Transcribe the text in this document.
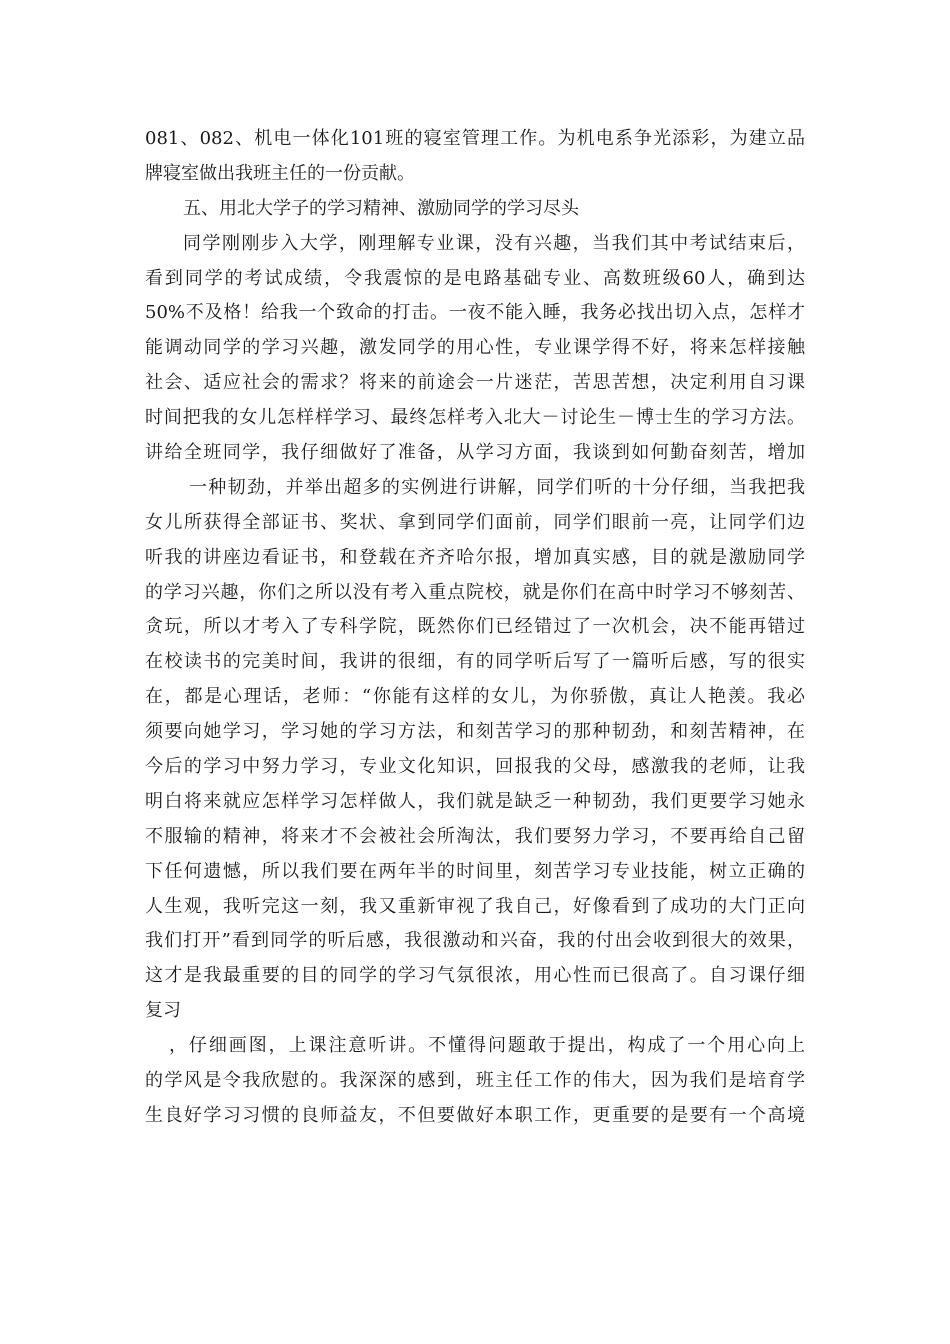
081、082、机电一体化101班的寝室管理工作。为机电系争光添彩，为建立品
牌寝室做出我班主任的一份贡献。
五、用北大学子的学习精神、激励同学的学习尽头
同学刚刚步入大学，刚理解专业课，没有兴趣，当我们其中考试结束后，
看到同学的考试成绩，令我震惊的是电路基础专业、高数班级60人，确到达
50%不及格！给我一个致命的打击。一夜不能入睡，我务必找出切入点，怎样才
能调动同学的学习兴趣，激发同学的用心性，专业课学得不好，将来怎样接触
社会、适应社会的需求？将来的前途会一片迷茫，苦思苦想，决定利用自习课
时间把我的女儿怎样样学习、最终怎样考入北大－讨论生－博士生的学习方法。
讲给全班同学，我仔细做好了准备，从学习方面，我谈到如何勤奋刻苦，增加
一种韧劲，并举出超多的实例进行讲解，同学们听的十分仔细，当我把我
女儿所获得全部证书、奖状、拿到同学们面前，同学们眼前一亮，让同学们边
听我的讲座边看证书，和登载在齐齐哈尔报，增加真实感，目的就是激励同学
的学习兴趣，你们之所以没有考入重点院校，就是你们在高中时学习不够刻苦、
贪玩，所以才考入了专科学院，既然你们已经错过了一次机会，决不能再错过
在校读书的完美时间，我讲的很细，有的同学听后写了一篇听后感，写的很实
在，都是心理话，老师：“你能有这样的女儿，为你骄傲，真让人艳羡。我必
须要向她学习，学习她的学习方法，和刻苦学习的那种韧劲，和刻苦精神，在
今后的学习中努力学习，专业文化知识，回报我的父母，感激我的老师，让我
明白将来就应怎样学习怎样做人，我们就是缺乏一种韧劲，我们更要学习她永
不服输的精神，将来才不会被社会所淘汰，我们要努力学习，不要再给自己留
下任何遗憾，所以我们要在两年半的时间里，刻苦学习专业技能，树立正确的
人生观，我听完这一刻，我又重新审视了我自己，好像看到了成功的大门正向
我们打开”看到同学的听后感，我很激动和兴奋，我的付出会收到很大的效果，
这才是我最重要的目的同学的学习气氛很浓，用心性而已很高了。自习课仔细
复习
，仔细画图，上课注意听讲。不懂得问题敢于提出，构成了一个用心向上
的学风是令我欣慰的。我深深的感到，班主任工作的伟大，因为我们是培育学
生良好学习习惯的良师益友，不但要做好本职工作，更重要的是要有一个高境
